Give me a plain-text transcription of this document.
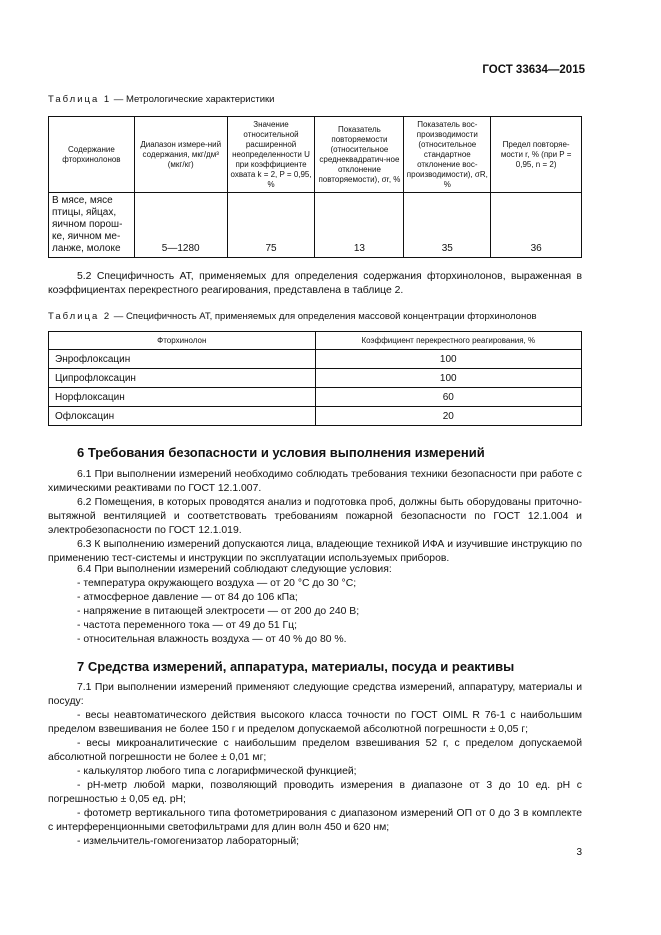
ГОСТ 33634—2015
Таблица 1 — Метрологические характеристики
Содержание фторхинолонов	Диапазон измере-ний содержания, мкг/дм³ (мкг/кг)	Значение относительной расширенной неопределенности U при коэффициенте охвата k = 2, P = 0,95, %	Показатель повторяемости (относительное среднеквадратич-ное отклонение повторяемости), σr, %	Показатель вос-производимости (относительное стандартное отклонение вос-производимости), σR, %	Предел повторяе-мости r, % (при P = 0,95, n = 2)
В мясе, мясе птицы, яйцах, яичном порош-ке, яичном ме-ланже, молоке	5—1280	75	13	35	36
5.2 Специфичность АТ, применяемых для определения содержания фторхинолонов, выраженная в коэффициентах перекрестного реагирования, представлена в таблице 2.
Таблица 2 — Специфичность АТ, применяемых для определения массовой концентрации фторхинолонов
Фторхинолон	Коэффициент перекрестного реагирования, %
Энрофлоксацин	100
Ципрофлоксацин	100
Норфлоксацин	60
Офлоксацин	20
6 Требования безопасности и условия выполнения измерений
6.1 При выполнении измерений необходимо соблюдать требования техники безопасности при работе с химическими реактивами по ГОСТ 12.1.007.
6.2 Помещения, в которых проводятся анализ и подготовка проб, должны быть оборудованы приточно-вытяжной вентиляцией и соответствовать требованиям пожарной безопасности по ГОСТ 12.1.004 и электробезопасности по ГОСТ 12.1.019.
6.3 К выполнению измерений допускаются лица, владеющие техникой ИФА и изучившие инструкцию по применению тест-системы и инструкции по эксплуатации используемых приборов.
6.4 При выполнении измерений соблюдают следующие условия:
- температура окружающего воздуха — от 20 °С до 30 °С;
- атмосферное давление — от 84 до 106 кПа;
- напряжение в питающей электросети — от 200 до 240 В;
- частота переменного тока — от 49 до 51 Гц;
- относительная влажность воздуха — от 40 % до 80 %.
7 Средства измерений, аппаратура, материалы, посуда и реактивы
7.1 При выполнении измерений применяют следующие средства измерений, аппаратуру, материалы и посуду:
- весы неавтоматического действия высокого класса точности по ГОСТ OIML R 76-1 с наибольшим пределом взвешивания не более 150 г и пределом допускаемой абсолютной погрешности ± 0,05 г;
- весы микроаналитические с наибольшим пределом взвешивания 52 г, с пределом допускаемой абсолютной погрешности не более ± 0,01 мг;
- калькулятор любого типа с логарифмической функцией;
- рН-метр любой марки, позволяющий проводить измерения в диапазоне от 3 до 10 ед. рН с погрешностью ± 0,05 ед. рН;
- фотометр вертикального типа фотометрирования с диапазоном измерений ОП от 0 до 3 в комплекте с интерференционными светофильтрами для длин волн 450 и 620 нм;
- измельчитель-гомогенизатор лабораторный;
3
